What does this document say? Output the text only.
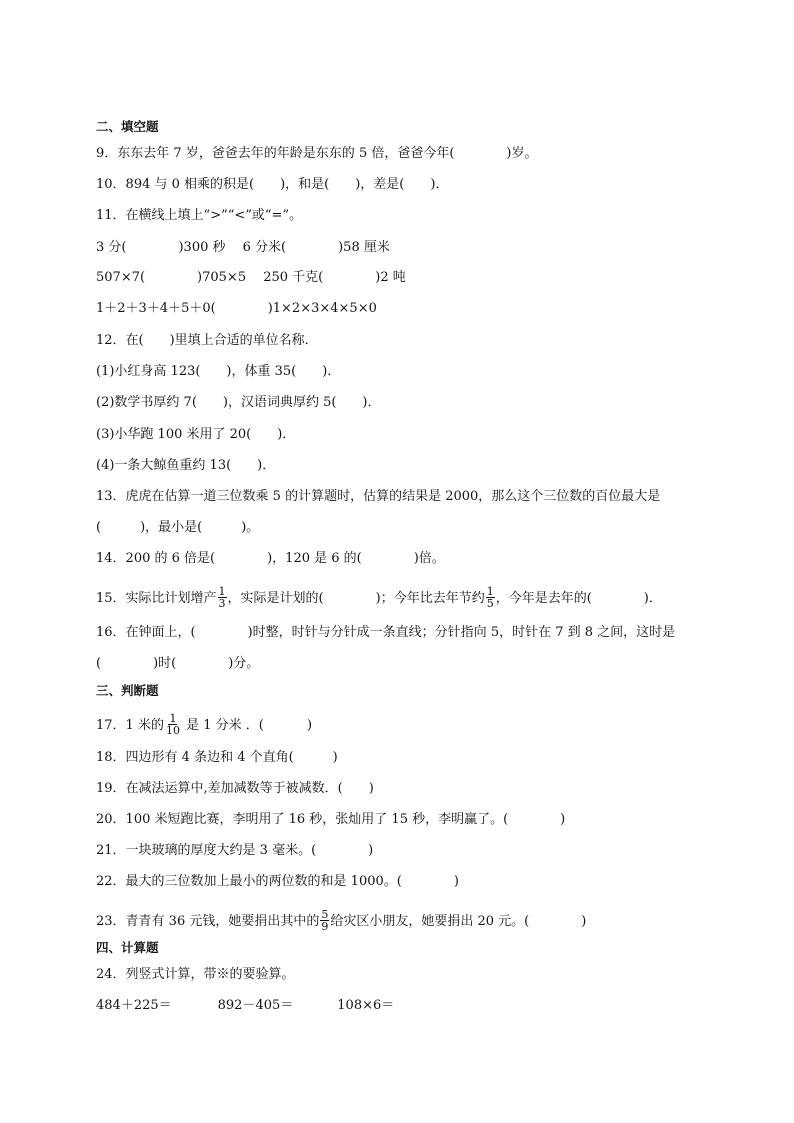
二、填空题
9．东东去年 7 岁，爸爸去年的年龄是东东的 5 倍，爸爸今年(　　　　)岁。
10．894 与 0 相乘的积是(　　)，和是(　　)，差是(　　)．
11．在横线上填上“>”“<”或“=”。
3 分(　　　　)300 秒　 6 分米(　　　　)58 厘米
507×7(　　　　)705×5　 250 千克(　　　　)2 吨
1＋2＋3＋4＋5＋0(　　　　)1×2×3×4×5×0
12．在(　　)里填上合适的单位名称．
(1)小红身高 123(　　)，体重 35(　　)．
(2)数学书厚约 7(　　)，汉语词典厚约 5(　　)．
(3)小华跑 100 米用了 20(　　)．
(4)一条大鲸鱼重约 13(　　)．
13．虎虎在估算一道三位数乘 5 的计算题时，估算的结果是 2000，那么这个三位数的百位最大是
(　　　)，最小是(　　　)。
14．200 的 6 倍是(　　　　)，120 是 6 的(　　　　)倍。
15．实际比计划增产 $\frac{1}{3}$ ，实际是计划的(　　　　)；今年比去年节约 $\frac{1}{5}$ ，今年是去年的(　　　　)．
16．在钟面上，(　　　　)时整，时针与分针成一条直线；分针指向 5，时针在 7 到 8 之间，这时是
(　　　　)时(　　　　)分。
三、判断题
17．1 米的 $\frac{1}{10}$ 是 1 分米 ．(　　　 )
18．四边形有 4 条边和 4 个直角(　　　)
19．在减法运算中,差加减数等于被减数．(　　)
20．100 米短跑比赛，李明用了 16 秒，张灿用了 15 秒，李明赢了。(　　　　)
21．一块玻璃的厚度大约是 3 毫米。(　　　　)
22．最大的三位数加上最小的两位数的和是 1000。(　　　　)
23．青青有 36 元钱，她要捐出其中的 $\frac{5}{9}$ 给灾区小朋友，她要捐出 20 元。(　　　　)
四、计算题
24．列竖式计算，带※的要验算。
484＋225＝	892－405＝	108×6＝
